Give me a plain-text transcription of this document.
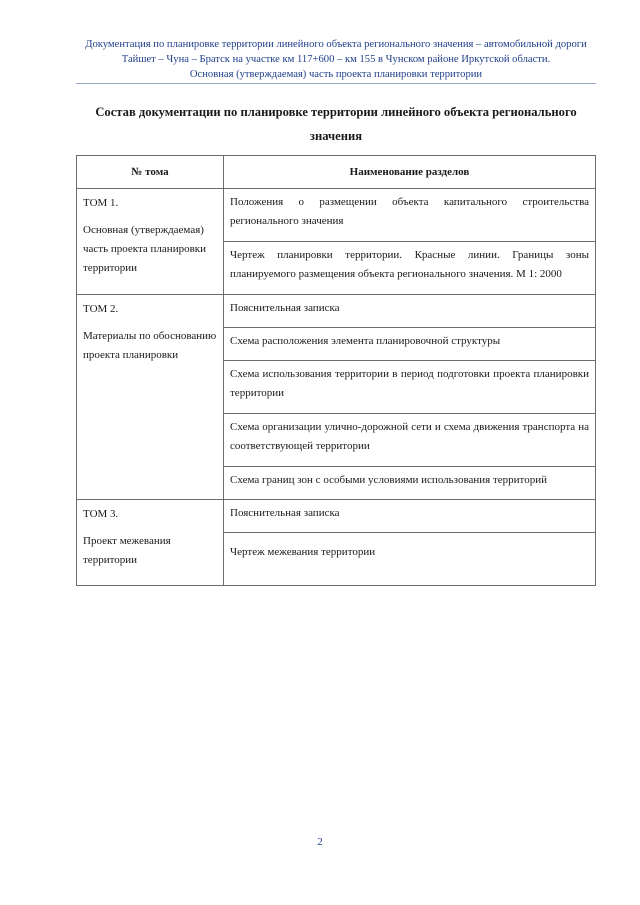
Документация по планировке территории линейного объекта регионального значения – автомобильной дороги
Тайшет – Чуна – Братск на участке км 117+600 – км 155 в Чунском районе Иркутской области.
Основная (утверждаемая) часть проекта планировки территории
Состав документации по планировке территории линейного объекта регионального значения
№ тома	Наименование разделов

ТОМ 1.
Основная (утверждаемая) часть проекта планировки территории	Положения о размещении объекта капитального строительства регионального значения
	Чертеж планировки территории. Красные линии. Границы зоны планируемого размещения объекта регионального значения. М 1: 2000

ТОМ 2.
Материалы по обоснованию проекта планировки	Пояснительная записка
	Схема расположения элемента планировочной структуры
	Схема использования территории в период подготовки проекта планировки территории
	Схема организации улично-дорожной сети и схема движения транспорта на соответствующей территории
	Схема границ зон с особыми условиями использования территорий

ТОМ 3.
Проект межевания территории	Пояснительная записка
	Чертеж межевания территории
2
